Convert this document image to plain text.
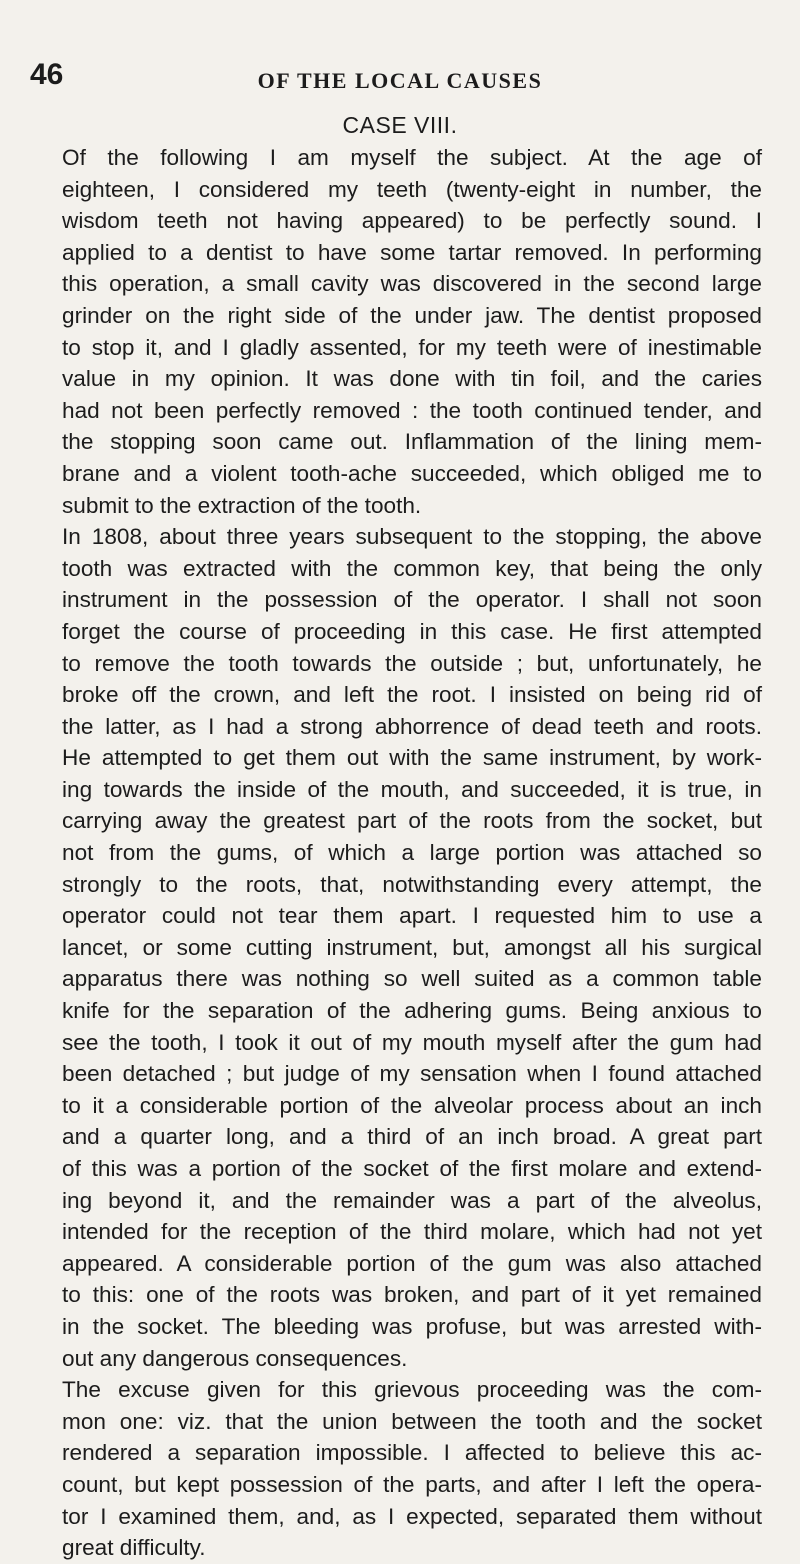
46	OF THE LOCAL CAUSES
CASE VIII.
Of the following I am myself the subject. At the age of
eighteen, I considered my teeth (twenty-eight in number, the
wisdom teeth not having appeared) to be perfectly sound. I
applied to a dentist to have some tartar removed. In performing
this operation, a small cavity was discovered in the second large
grinder on the right side of the under jaw. The dentist proposed
to stop it, and I gladly assented, for my teeth were of inestimable
value in my opinion. It was done with tin foil, and the caries
had not been perfectly removed : the tooth continued tender, and
the stopping soon came out. Inflammation of the lining mem-
brane and a violent tooth-ache succeeded, which obliged me to
submit to the extraction of the tooth.
In 1808, about three years subsequent to the stopping, the above
tooth was extracted with the common key, that being the only
instrument in the possession of the operator. I shall not soon
forget the course of proceeding in this case. He first attempted
to remove the tooth towards the outside ; but, unfortunately, he
broke off the crown, and left the root. I insisted on being rid of
the latter, as I had a strong abhorrence of dead teeth and roots.
He attempted to get them out with the same instrument, by work-
ing towards the inside of the mouth, and succeeded, it is true, in
carrying away the greatest part of the roots from the socket, but
not from the gums, of which a large portion was attached so
strongly to the roots, that, notwithstanding every attempt, the
operator could not tear them apart. I requested him to use a
lancet, or some cutting instrument, but, amongst all his surgical
apparatus there was nothing so well suited as a common table
knife for the separation of the adhering gums. Being anxious to
see the tooth, I took it out of my mouth myself after the gum had
been detached ; but judge of my sensation when I found attached
to it a considerable portion of the alveolar process about an inch
and a quarter long, and a third of an inch broad. A great part
of this was a portion of the socket of the first molare and extend-
ing beyond it, and the remainder was a part of the alveolus,
intended for the reception of the third molare, which had not yet
appeared. A considerable portion of the gum was also attached
to this: one of the roots was broken, and part of it yet remained
in the socket. The bleeding was profuse, but was arrested with-
out any dangerous consequences.
The excuse given for this grievous proceeding was the com-
mon one: viz. that the union between the tooth and the socket
rendered a separation impossible. I affected to believe this ac-
count, but kept possession of the parts, and after I left the opera-
tor I examined them, and, as I expected, separated them without
great difficulty.
